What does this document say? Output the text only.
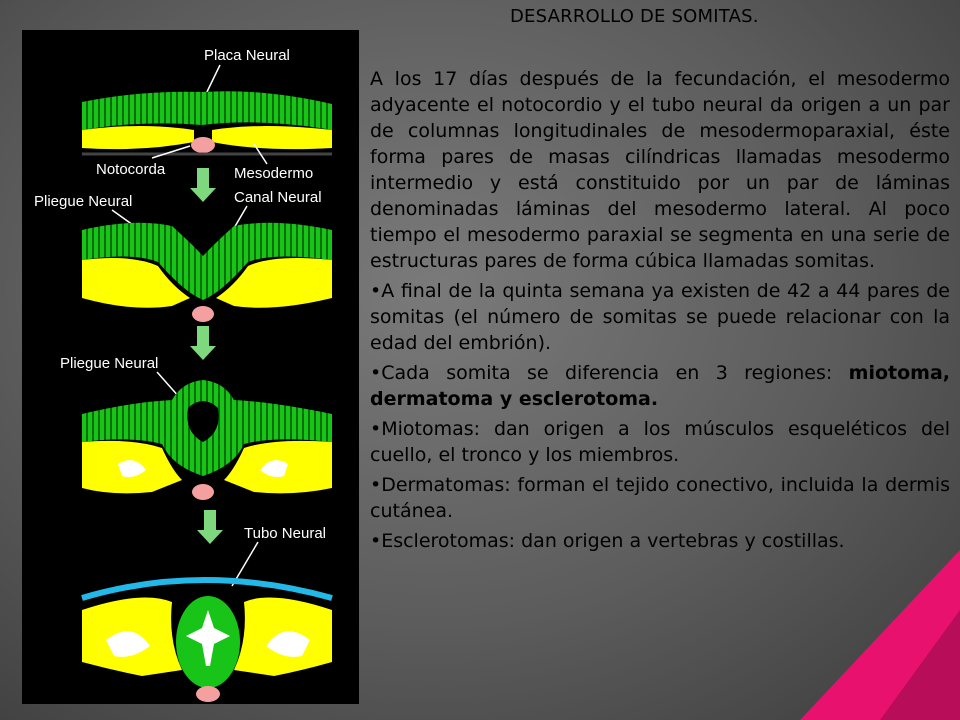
Placa Neural
Notocorda	Mesodermo
Canal Neural
Pliegue Neural
Pliegue Neural
Tubo Neural
DESARROLLO DE SOMITAS.

A los 17 días después de la fecundación, el mesodermo adyacente el notocordio y el tubo neural da origen a un par de columnas longitudinales de mesodermoparaxial, éste forma pares de masas cilíndricas llamadas mesodermo intermedio y está constituido por un par de láminas denominadas láminas del mesodermo lateral. Al poco tiempo el mesodermo paraxial se segmenta en una serie de estructuras pares de forma cúbica llamadas somitas.

•A final de la quinta semana ya existen de 42 a 44 pares de somitas (el número de somitas se puede relacionar con la edad del embrión).

•Cada somita se diferencia en 3 regiones: miotoma, dermatoma y esclerotoma.

•Miotomas: dan origen a los músculos esqueléticos del cuello, el tronco y los miembros.

•Dermatomas: forman el tejido conectivo, incluida la dermis cutánea.

•Esclerotomas: dan origen a vertebras y costillas.
